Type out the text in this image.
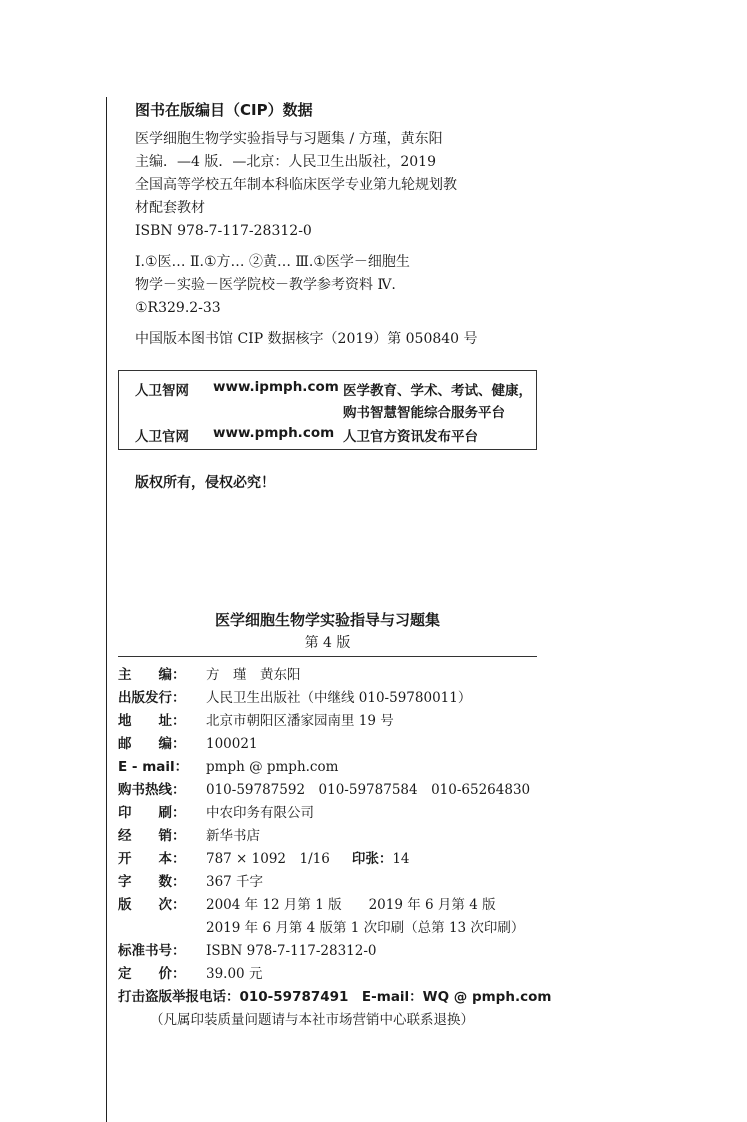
图书在版编目（CIP）数据
医学细胞生物学实验指导与习题集 / 方瑾，黄东阳
主编．—4 版．—北京：人民卫生出版社，2019
全国高等学校五年制本科临床医学专业第九轮规划教
材配套教材
ISBN 978-7-117-28312-0
Ⅰ.①医… Ⅱ.①方… ②黄… Ⅲ.①医学－细胞生
物学－实验－医学院校－教学参考资料 Ⅳ.
①R329.2-33
中国版本图书馆 CIP 数据核字（2019）第 050840 号
人卫智网 www.ipmph.com 医学教育、学术、考试、健康，
购书智慧智能综合服务平台
人卫官网 www.pmph.com 人卫官方资讯发布平台
版权所有，侵权必究！
医学细胞生物学实验指导与习题集
第 4 版
主　　编： 方　瑾　黄东阳
出版发行： 人民卫生出版社（中继线 010-59780011）
地　　址： 北京市朝阳区潘家园南里 19 号
邮　　编： 100021
E - mail： pmph @ pmph.com
购书热线： 010-59787592　010-59787584　010-65264830
印　　刷： 中农印务有限公司
经　　销： 新华书店
开　　本： 787 × 1092　1/16 印张：14
字　　数： 367 千字
版　　次： 2004 年 12 月第 1 版　　2019 年 6 月第 4 版
2019 年 6 月第 4 版第 1 次印刷（总第 13 次印刷）
标准书号： ISBN 978-7-117-28312-0
定　　价： 39.00 元
打击盗版举报电话：010-59787491　E-mail：WQ @ pmph.com
（凡属印装质量问题请与本社市场营销中心联系退换）
